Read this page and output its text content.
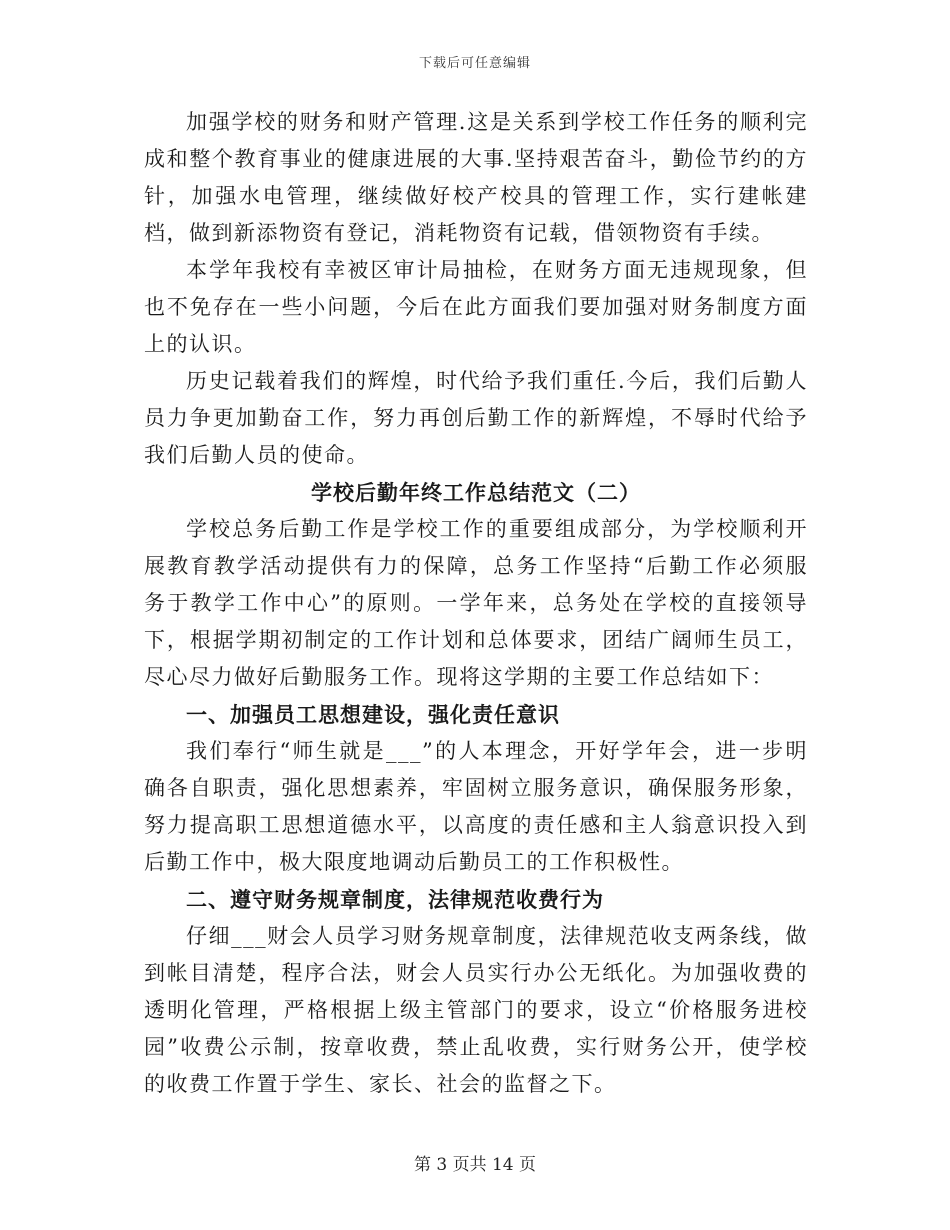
下载后可任意编辑

加强学校的财务和财产管理.这是关系到学校工作任务的顺利完成和整个教育事业的健康进展的大事.坚持艰苦奋斗，勤俭节约的方针，加强水电管理，继续做好校产校具的管理工作，实行建帐建档，做到新添物资有登记，消耗物资有记载，借领物资有手续。

本学年我校有幸被区审计局抽检，在财务方面无违规现象，但也不免存在一些小问题，今后在此方面我们要加强对财务制度方面上的认识。

历史记载着我们的辉煌，时代给予我们重任.今后，我们后勤人员力争更加勤奋工作，努力再创后勤工作的新辉煌，不辱时代给予我们后勤人员的使命。

学校后勤年终工作总结范文（二）

学校总务后勤工作是学校工作的重要组成部分，为学校顺利开展教育教学活动提供有力的保障，总务工作坚持“后勤工作必须服务于教学工作中心”的原则。一学年来，总务处在学校的直接领导下，根据学期初制定的工作计划和总体要求，团结广阔师生员工，尽心尽力做好后勤服务工作。现将这学期的主要工作总结如下：

一、加强员工思想建设，强化责任意识

我们奉行“师生就是___”的人本理念，开好学年会，进一步明确各自职责，强化思想素养，牢固树立服务意识，确保服务形象，努力提高职工思想道德水平，以高度的责任感和主人翁意识投入到后勤工作中，极大限度地调动后勤员工的工作积极性。

二、遵守财务规章制度，法律规范收费行为

仔细___财会人员学习财务规章制度，法律规范收支两条线，做到帐目清楚，程序合法，财会人员实行办公无纸化。为加强收费的透明化管理，严格根据上级主管部门的要求，设立“价格服务进校园”收费公示制，按章收费，禁止乱收费，实行财务公开，使学校的收费工作置于学生、家长、社会的监督之下。

第 3 页共 14 页
